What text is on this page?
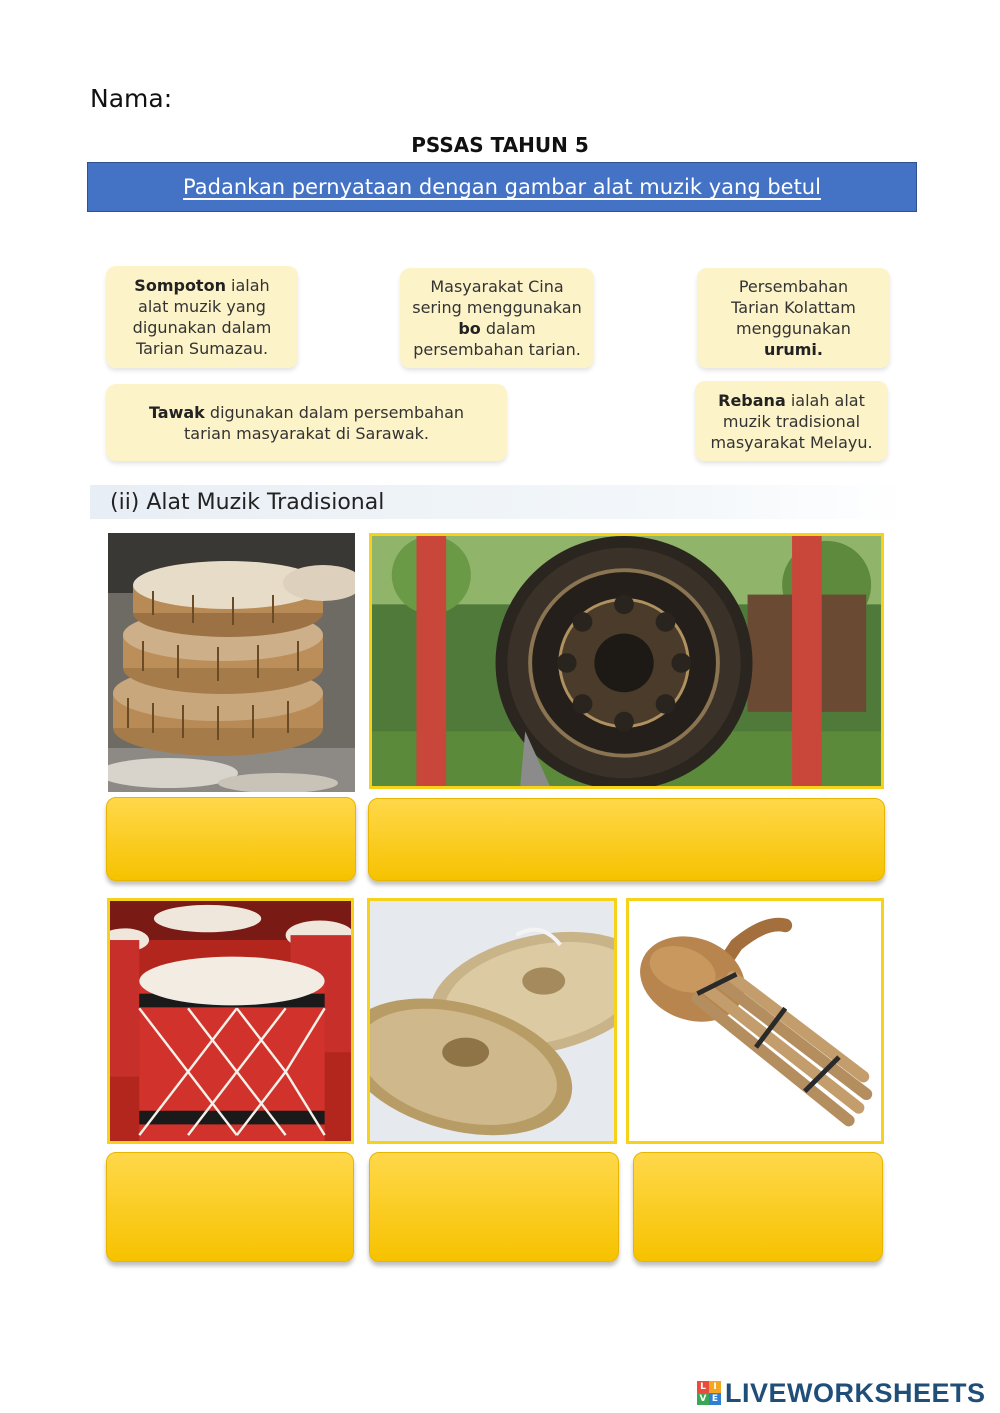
Nama:
PSSAS TAHUN 5
Padankan pernyataan dengan gambar alat muzik yang betul
Sompoton ialah
alat muzik yang
digunakan dalam
Tarian Sumazau.
Masyarakat Cina
sering menggunakan
bo dalam
persembahan tarian.
Persembahan
Tarian Kolattam
menggunakan
urumi.
Tawak digunakan dalam persembahan
tarian masyarakat di Sarawak.
Rebana ialah alat
muzik tradisional
masyarakat Melayu.
(ii) Alat Muzik Tradisional
L I
V E LIVEWORKSHEETS
